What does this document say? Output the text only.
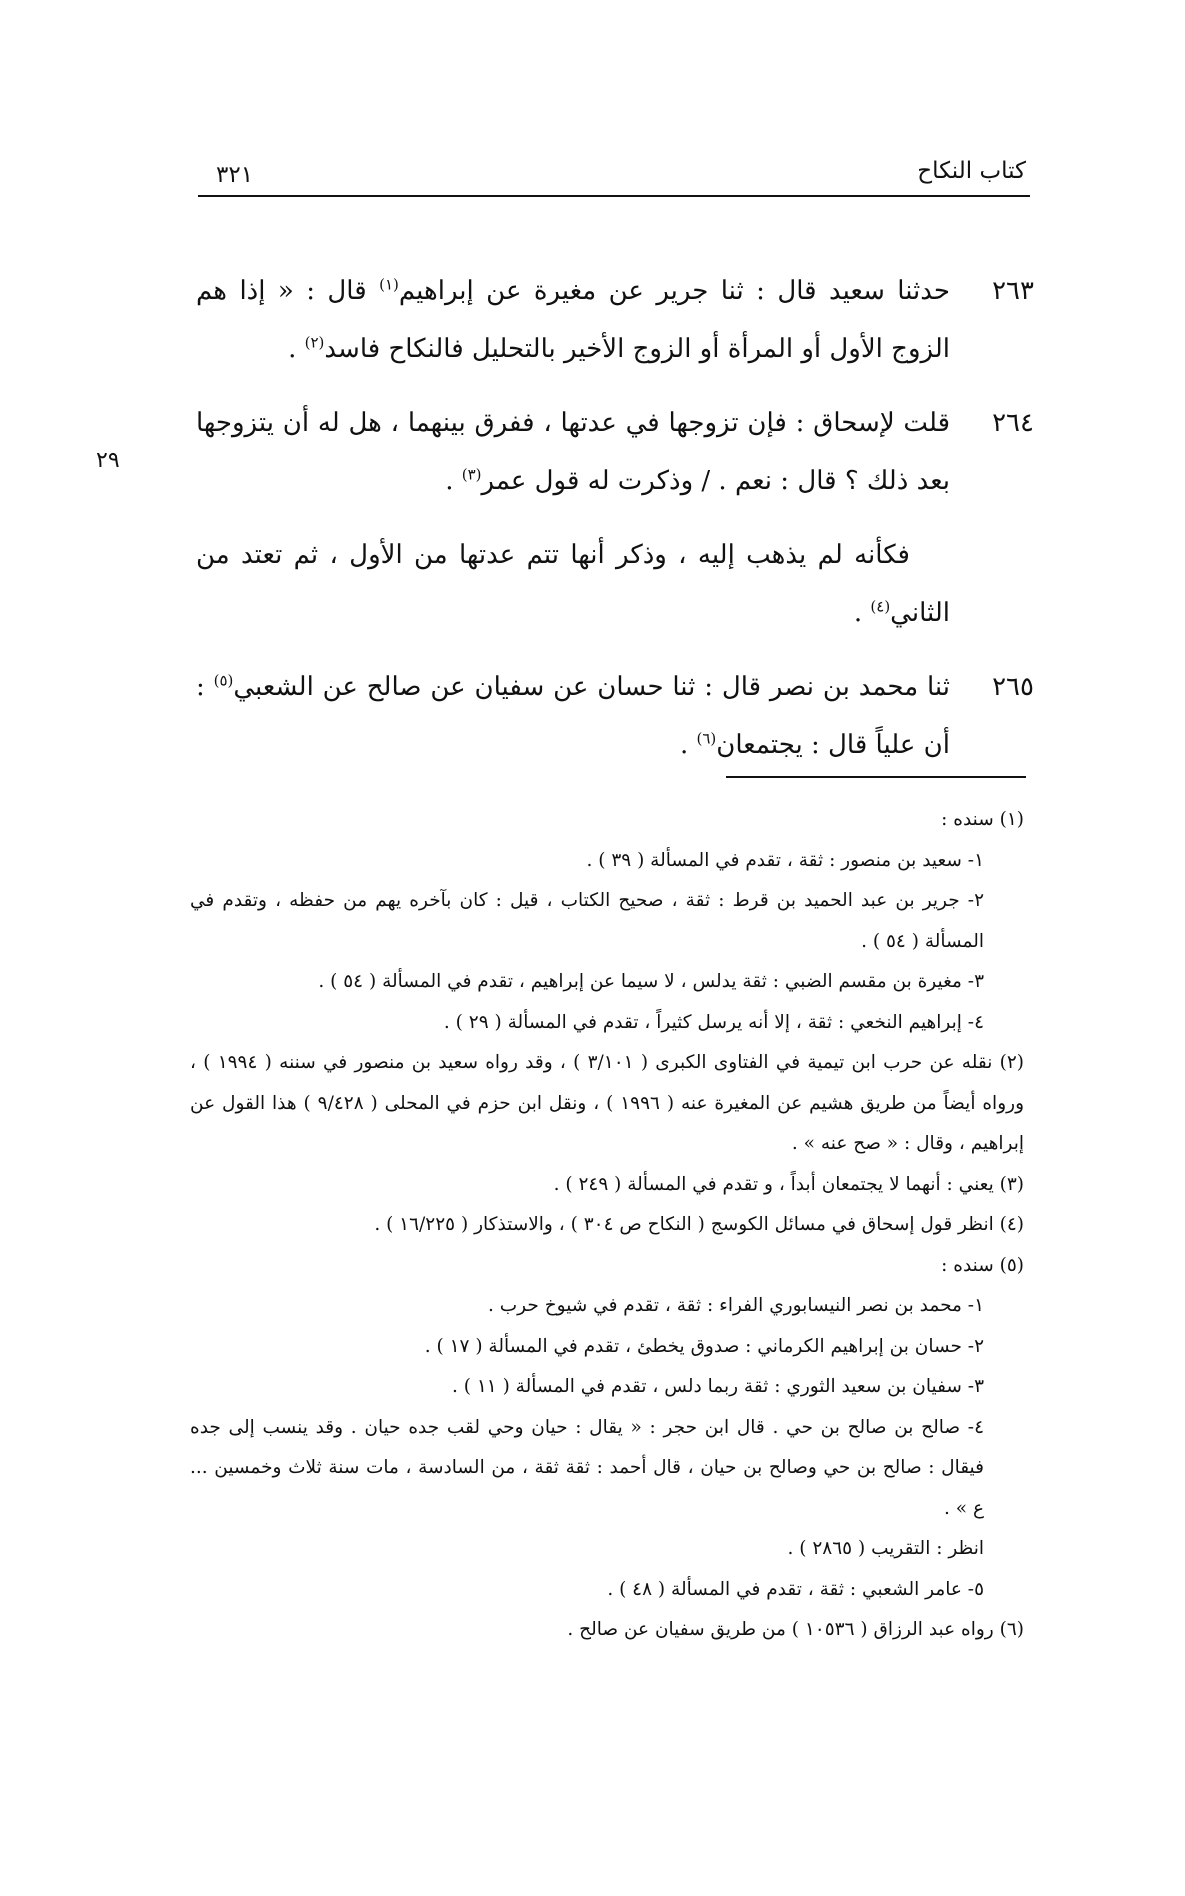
كتاب النكاح
٣٢١
٢٩
٢٦٣
حدثنا سعيد قال : ثنا جرير عن مغيرة عن إبراهيم$^{(١)}$ قال : « إذا هم الزوج الأول أو المرأة أو الزوج الأخير بالتحليل فالنكاح فاسد$^{(٢)}$ .
٢٦٤
قلت لإسحاق : فإن تزوجها في عدتها ، ففرق بينهما ، هل له أن يتزوجها بعد ذلك ؟ قال : نعم . / وذكرت له قول عمر$^{(٣)}$ .
فكأنه لم يذهب إليه ، وذكر أنها تتم عدتها من الأول ، ثم تعتد من الثاني$^{(٤)}$ .
٢٦٥
ثنا محمد بن نصر قال : ثنا حسان عن سفيان عن صالح عن الشعبي$^{(٥)}$ : أن علياً قال : يجتمعان$^{(٦)}$ .
(١) سنده :
١- سعيد بن منصور : ثقة ، تقدم في المسألة ( ٣٩ ) .
٢- جرير بن عبد الحميد بن قرط : ثقة ، صحيح الكتاب ، قيل : كان بآخره يهم من حفظه ، وتقدم في المسألة ( ٥٤ ) .
٣- مغيرة بن مقسم الضبي : ثقة يدلس ، لا سيما عن إبراهيم ، تقدم في المسألة ( ٥٤ ) .
٤- إبراهيم النخعي : ثقة ، إلا أنه يرسل كثيراً ، تقدم في المسألة ( ٢٩ ) .
(٢) نقله عن حرب ابن تيمية في الفتاوى الكبرى ( ٣/١٠١ ) ، وقد رواه سعيد بن منصور في سننه ( ١٩٩٤ ) ، ورواه أيضاً من طريق هشيم عن المغيرة عنه ( ١٩٩٦ ) ، ونقل ابن حزم في المحلى ( ٩/٤٢٨ ) هذا القول عن إبراهيم ، وقال : « صح عنه » .
(٣) يعني : أنهما لا يجتمعان أبداً ، و تقدم في المسألة ( ٢٤٩ ) .
(٤) انظر قول إسحاق في مسائل الكوسج ( النكاح ص ٣٠٤ ) ، والاستذكار ( ١٦/٢٢٥ ) .
(٥) سنده :
١- محمد بن نصر النيسابوري الفراء : ثقة ، تقدم في شيوخ حرب .
٢- حسان بن إبراهيم الكرماني : صدوق يخطئ ، تقدم في المسألة ( ١٧ ) .
٣- سفيان بن سعيد الثوري : ثقة ربما دلس ، تقدم في المسألة ( ١١ ) .
٤- صالح بن صالح بن حي . قال ابن حجر : « يقال : حيان وحي لقب جده حيان . وقد ينسب إلى جده فيقال : صالح بن حي وصالح بن حيان ، قال أحمد : ثقة ثقة ، من السادسة ، مات سنة ثلاث وخمسين ... ع » .
انظر : التقريب ( ٢٨٦٥ ) .
٥- عامر الشعبي : ثقة ، تقدم في المسألة ( ٤٨ ) .
(٦) رواه عبد الرزاق ( ١٠٥٣٦ ) من طريق سفيان عن صالح .
